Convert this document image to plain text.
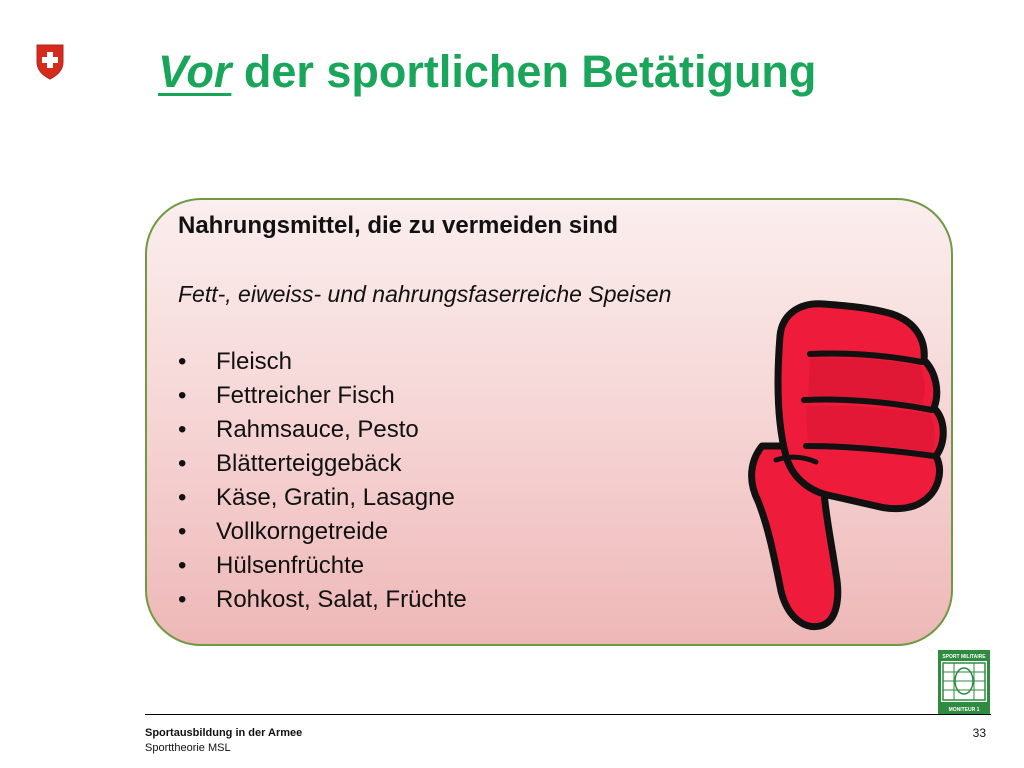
Vor der sportlichen Betätigung
Nahrungsmittel, die zu vermeiden sind
Fett-, eiweiss- und nahrungsfaserreiche Speisen
• Fleisch
• Fettreicher Fisch
• Rahmsauce, Pesto
• Blätterteiggebäck
• Käse, Gratin, Lasagne
• Vollkorngetreide
• Hülsenfrüchte
• Rohkost, Salat, Früchte
SPORT MILITAIRE
MONITEUR 1
Sportausbildung in der Armee
Sporttheorie MSL
33
